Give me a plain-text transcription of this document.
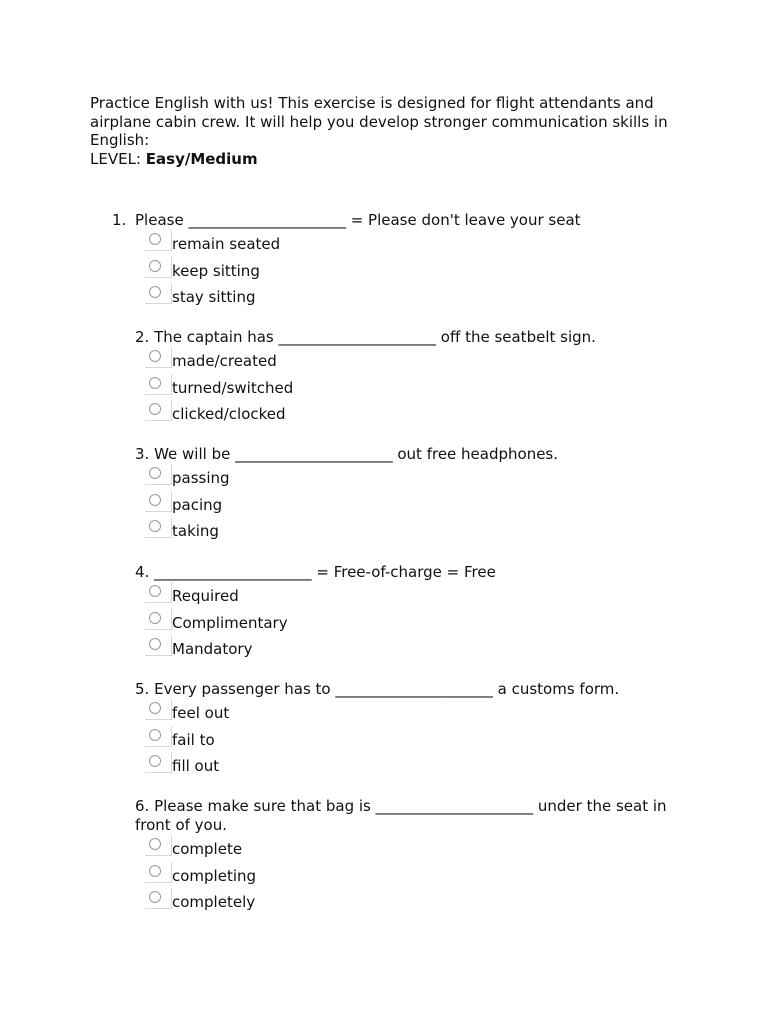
Practice English with us! This exercise is designed for flight attendants and airplane cabin crew. It will help you develop stronger communication skills in English:
LEVEL: Easy/Medium
1. Please _____________________ = Please don't leave your seat
remain seated
keep sitting
stay sitting
2. The captain has _____________________ off the seatbelt sign.
made/created
turned/switched
clicked/clocked
3. We will be _____________________ out free headphones.
passing
pacing
taking
4. _____________________ = Free-of-charge = Free
Required
Complimentary
Mandatory
5. Every passenger has to _____________________ a customs form.
feel out
fail to
fill out
6. Please make sure that bag is _____________________ under the seat in front of you.
complete
completing
completely
